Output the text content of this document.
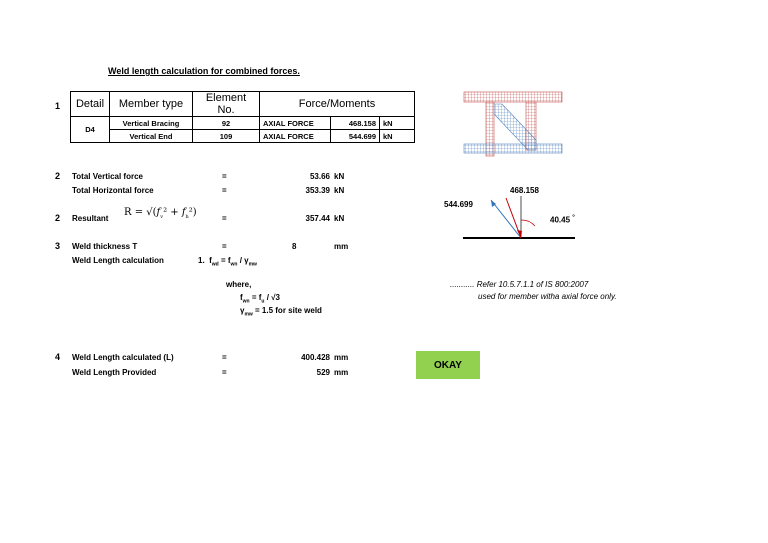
Weld length calculation for combined forces.
1
2
2
3
4
Detail	Member type	Element No.	Force/Moments		
D4	Vertical Bracing	92	AXIAL FORCE	468.158	kN
	Vertical End	109	AXIAL FORCE	544.699	kN
544.699
468.158
40.45 °
Total Vertical force	=	53.66 kN
Total Horizontal force	=	353.39 kN
Resultant
$R = √(f_v^2 + f_h^2)$
=	357.44 kN
Weld thickness T	=	8	mm
Weld Length calculation	1.  $f_{wd} = f_{wn} / \gamma_{mw}$
where,
$f_{wn} = f_u / √3$
$\gamma_{mw} = 1.5$ for site weld
Weld Length calculated (L)	=	400.428 mm
Weld Length Provided	=	529 mm
........... Refer 10.5.7.1.1 of IS 800:2007
used for member witha axial force only.
OKAY
